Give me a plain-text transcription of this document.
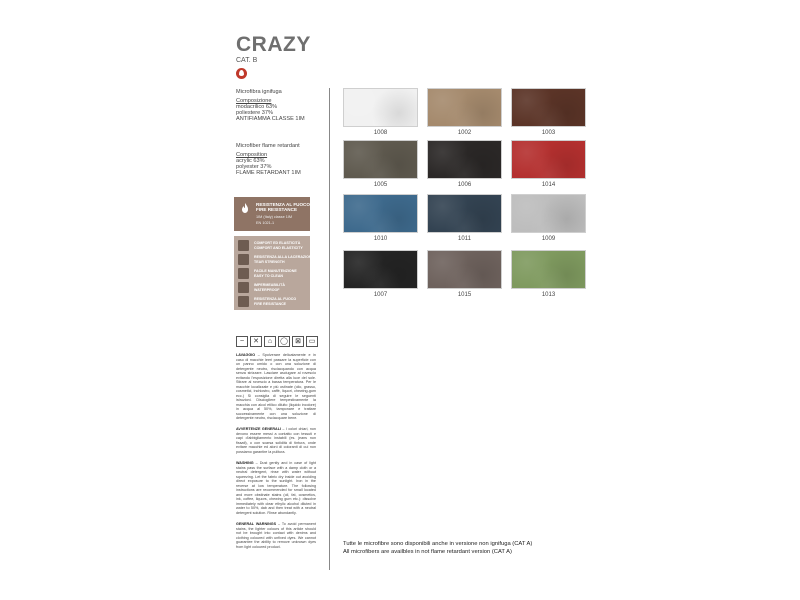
CRAZY
CAT. B
Microfibra ignifuga
Composizione
modacrilico 63%
poliestere 37%
ANTIFIAMMA CLASSE 1IM
Microfiber flame retardant
Composition
acrylic 63%
polyester 37%
FLAME RETARDANT 1IM
RESISTENZA AL FUOCO
FIRE RESISTANCE
1IM (Italy) classe 1IM
EN 1021-1
COMFORT ED ELASTICITÀ
COMFORT AND ELASTICITY
RESISTENZA ALLA LACERAZIONE
TEAR STRENGTH
FACILE MANUTENZIONE
EASY TO CLEAN
IMPERMEABILITÀ
WATERPROOF
RESISTENZA AL FUOCO
FIRE RESISTANCE
~	✕	⌂	◯	⊠	▭
LAVAGGIO – Spolverare delicatamente e in caso di macchie leeri passare la superficie con un panno umido o con una soluzione di detergente neutro, risciacquando con acqua senza strizzare. Lasciare asciugare al rovescio evitando l'esposizione diretta alla luce del sole. Stirare al rovescio a bassa temperatura. Per le macchie localizzate e più ostinate (olio, grasso, cosmetici, inchiostro, caffè, liquori, chewing-gum ecc.) Si consiglia di seguire le seguenti istruzioni. Disciogliere tempestivamente la macchia con alcol etilico diluito (liquido incolore) in acqua al 50%, tamponare e trattare successivamente con una soluzione di detergente neutro, risciacquare bene.
AVVERTENZE GENERALI – I colori chiari, non devono essere messi a contatto con tessuti e capi d'abbigliamento instabili (es. jeans non fissati), o con scarsa solidità di tintura, onde evitare macchie ed alonì di coloranti di cui non possiamo garantire la pulitura.
WASHING – Dust gently and in case of light stains pass the surface with a damp cloth or a neutral detergent, rinse with water without squeezing. Let the fabric dry inside out avoiding direct exposure to the sunlight. Iron in the reverse at low temperature. The following instructions are recommended for small located and more obstinate stains (oil, fat, cosmetics, ink, coffee, liquors, chewing gum etc.): dissolve immediately with clear ethylic alcohol diluted in water to 50%, dab and then treat with a neutral detergent solution. Rinse abundantly.
GENERAL WARNINGS – To avoid permanent stains, the lighter colours of this article should not be brought into contact with denims and clothing coloured with unfixed dyes. We cannot guarantee the ability to remove unknown dyes from light coloured product.
1008	1002	1003
1005	1006	1014
1010	1011	1009
1007	1015	1013
Tutte le microfibre sono disponibili anche in versione non ignifuga (CAT A)
All microfibers are availbles in not flame retardant version (CAT A)
